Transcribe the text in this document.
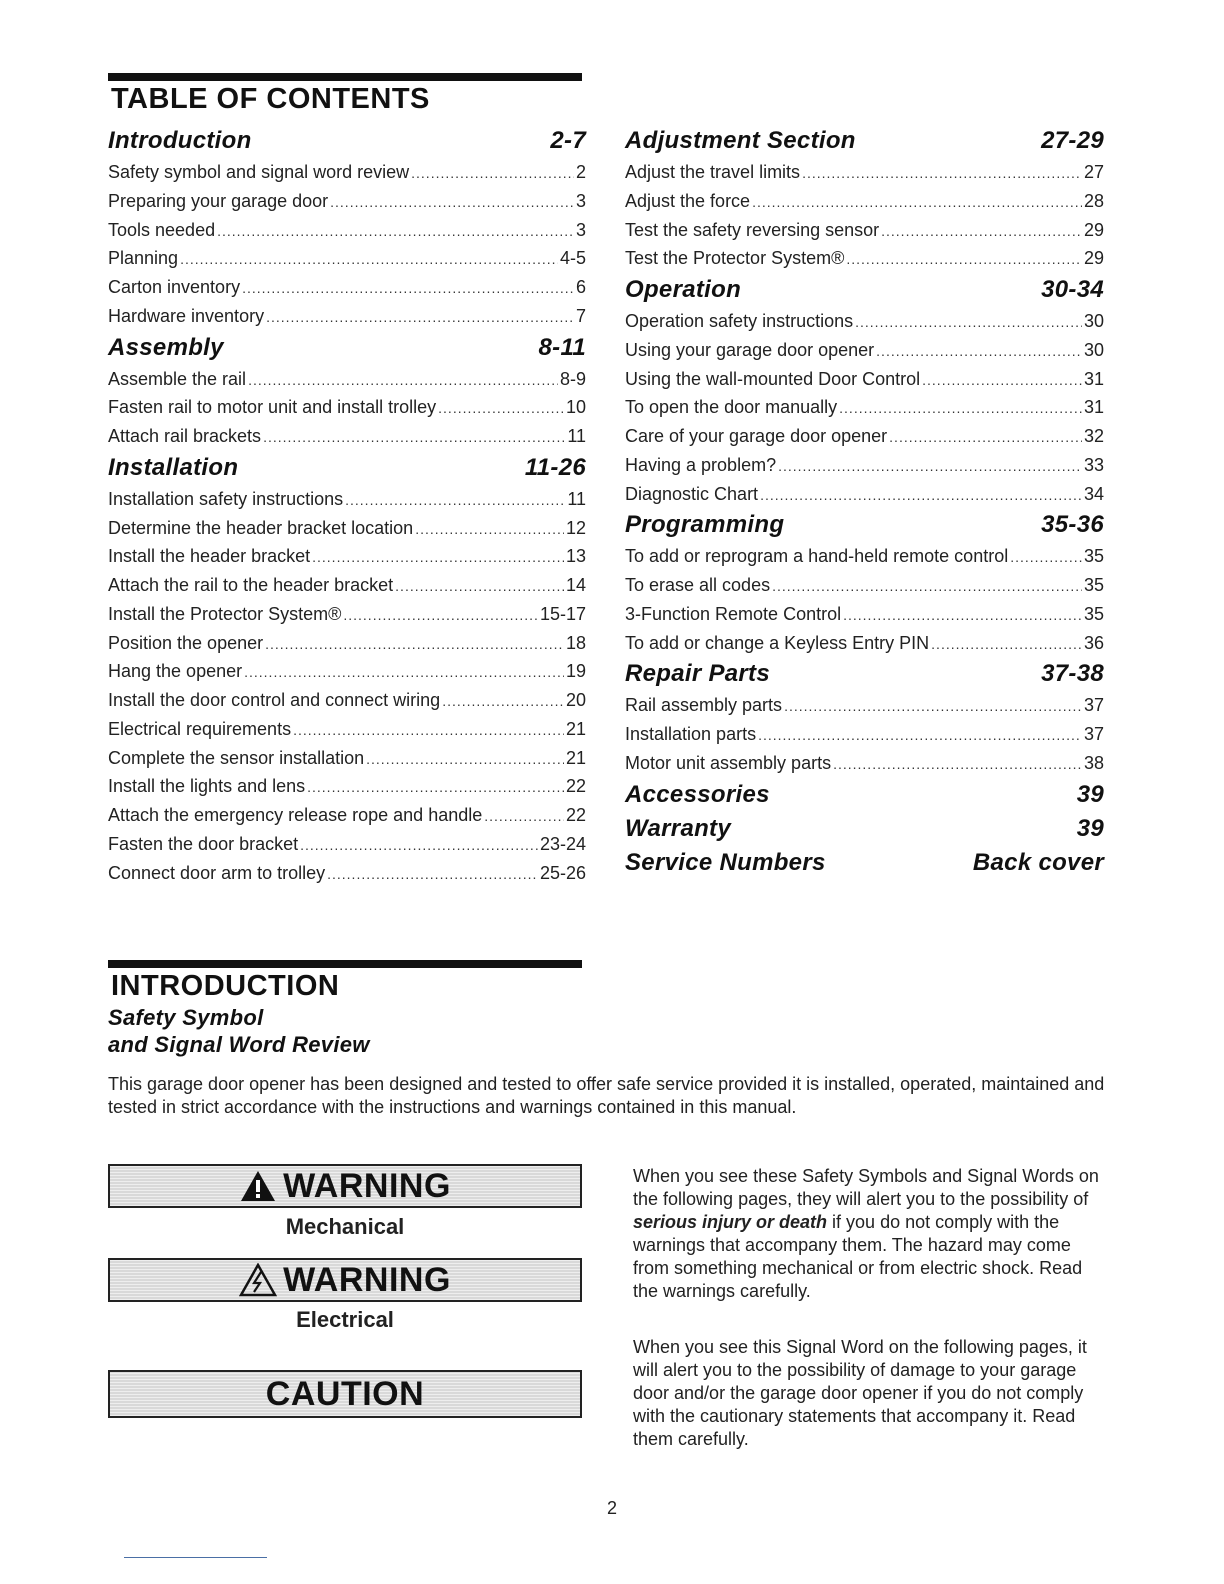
TABLE OF CONTENTS
Introduction	2-7
Safety symbol and signal word review .....	2
Preparing your garage door .....	3
Tools needed .....	3
Planning .....	4-5
Carton inventory .....	6
Hardware inventory .....	7
Assembly	8-11
Assemble the rail .....	8-9
Fasten rail to motor unit and install trolley .....	10
Attach rail brackets .....	11
Installation	11-26
Installation safety instructions .....	11
Determine the header bracket location .....	12
Install the header bracket .....	13
Attach the rail to the header bracket .....	14
Install the Protector System® .....	15-17
Position the opener .....	18
Hang the opener .....	19
Install the door control and connect wiring .....	20
Electrical requirements .....	21
Complete the sensor installation .....	21
Install the lights and lens .....	22
Attach the emergency release rope and handle .....	22
Fasten the door bracket .....	23-24
Connect door arm to trolley .....	25-26
Adjustment Section	27-29
Adjust the travel limits .....	27
Adjust the force .....	28
Test the safety reversing sensor .....	29
Test the Protector System® .....	29
Operation	30-34
Operation safety instructions .....	30
Using your garage door opener .....	30
Using the wall-mounted Door Control .....	31
To open the door manually .....	31
Care of your garage door opener .....	32
Having a problem? .....	33
Diagnostic Chart .....	34
Programming	35-36
To add or reprogram a hand-held remote control .....	35
To erase all codes .....	35
3-Function Remote Control .....	35
To add or change a Keyless Entry PIN .....	36
Repair Parts	37-38
Rail assembly parts .....	37
Installation parts .....	37
Motor unit assembly parts .....	38
Accessories	39
Warranty	39
Service Numbers	Back cover
INTRODUCTION
Safety Symbol
and Signal Word Review

This garage door opener has been designed and tested to offer safe service provided it is installed, operated, maintained and tested in strict accordance with the instructions and warnings contained in this manual.

WARNING
Mechanical
WARNING
Electrical
CAUTION

When you see these Safety Symbols and Signal Words on the following pages, they will alert you to the possibility of serious injury or death if you do not comply with the warnings that accompany them. The hazard may come from something mechanical or from electric shock. Read the warnings carefully.

When you see this Signal Word on the following pages, it will alert you to the possibility of damage to your garage door and/or the garage door opener if you do not comply with the cautionary statements that accompany it. Read them carefully.

2
